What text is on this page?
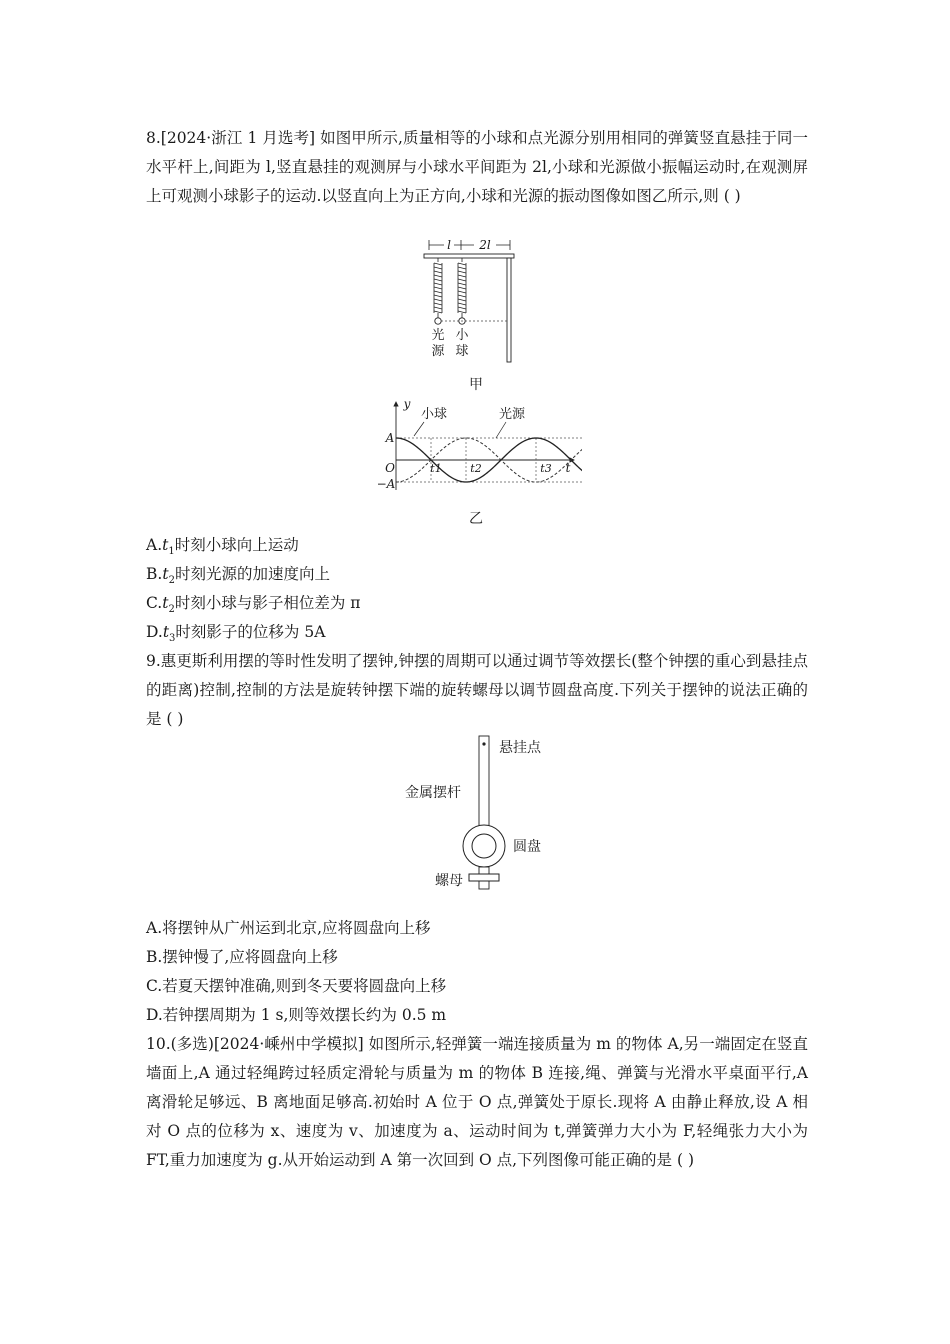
8.[2024·浙江 1 月选考] 如图甲所示,质量相等的小球和点光源分别用相同的弹簧竖直悬挂于同一水平杆上,间距为 l,竖直悬挂的观测屏与小球水平间距为 2l,小球和光源做小振幅运动时,在观测屏上可观测小球影子的运动.以竖直向上为正方向,小球和光源的振动图像如图乙所示,则 ( )

l 2l
光
源
小
球
甲
y
t
O
A
−A
t1	t2	t3
小球	光源
乙
$A.t_1$时刻小球向上运动
$B.t_2$时刻光源的加速度向上
$C.t_2$时刻小球与影子相位差为 π
$D.t_3$时刻影子的位移为 5A

9.惠更斯利用摆的等时性发明了摆钟,钟摆的周期可以通过调节等效摆长(整个钟摆的重心到悬挂点的距离)控制,控制的方法是旋转钟摆下端的旋转螺母以调节圆盘高度.下列关于摆钟的说法正确的是 ( )

悬挂点
金属摆杆
圆盘
螺母
A.将摆钟从广州运到北京,应将圆盘向上移
B.摆钟慢了,应将圆盘向上移
C.若夏天摆钟准确,则到冬天要将圆盘向上移
D.若钟摆周期为 1 s,则等效摆长约为 0.5 m

10.(多选)[2024·嵊州中学模拟] 如图所示,轻弹簧一端连接质量为 m 的物体 A,另一端固定在竖直墙面上,A 通过轻绳跨过轻质定滑轮与质量为 m 的物体 B 连接,绳、弹簧与光滑水平桌面平行,A 离滑轮足够远、B 离地面足够高.初始时 A 位于 O 点,弹簧处于原长.现将 A 由静止释放,设 A 相对 O 点的位移为 x、速度为 v、加速度为 a、运动时间为 t,弹簧弹力大小为 F,轻绳张力大小为 FT,重力加速度为 g.从开始运动到 A 第一次回到 O 点,下列图像可能正确的是 ( )
